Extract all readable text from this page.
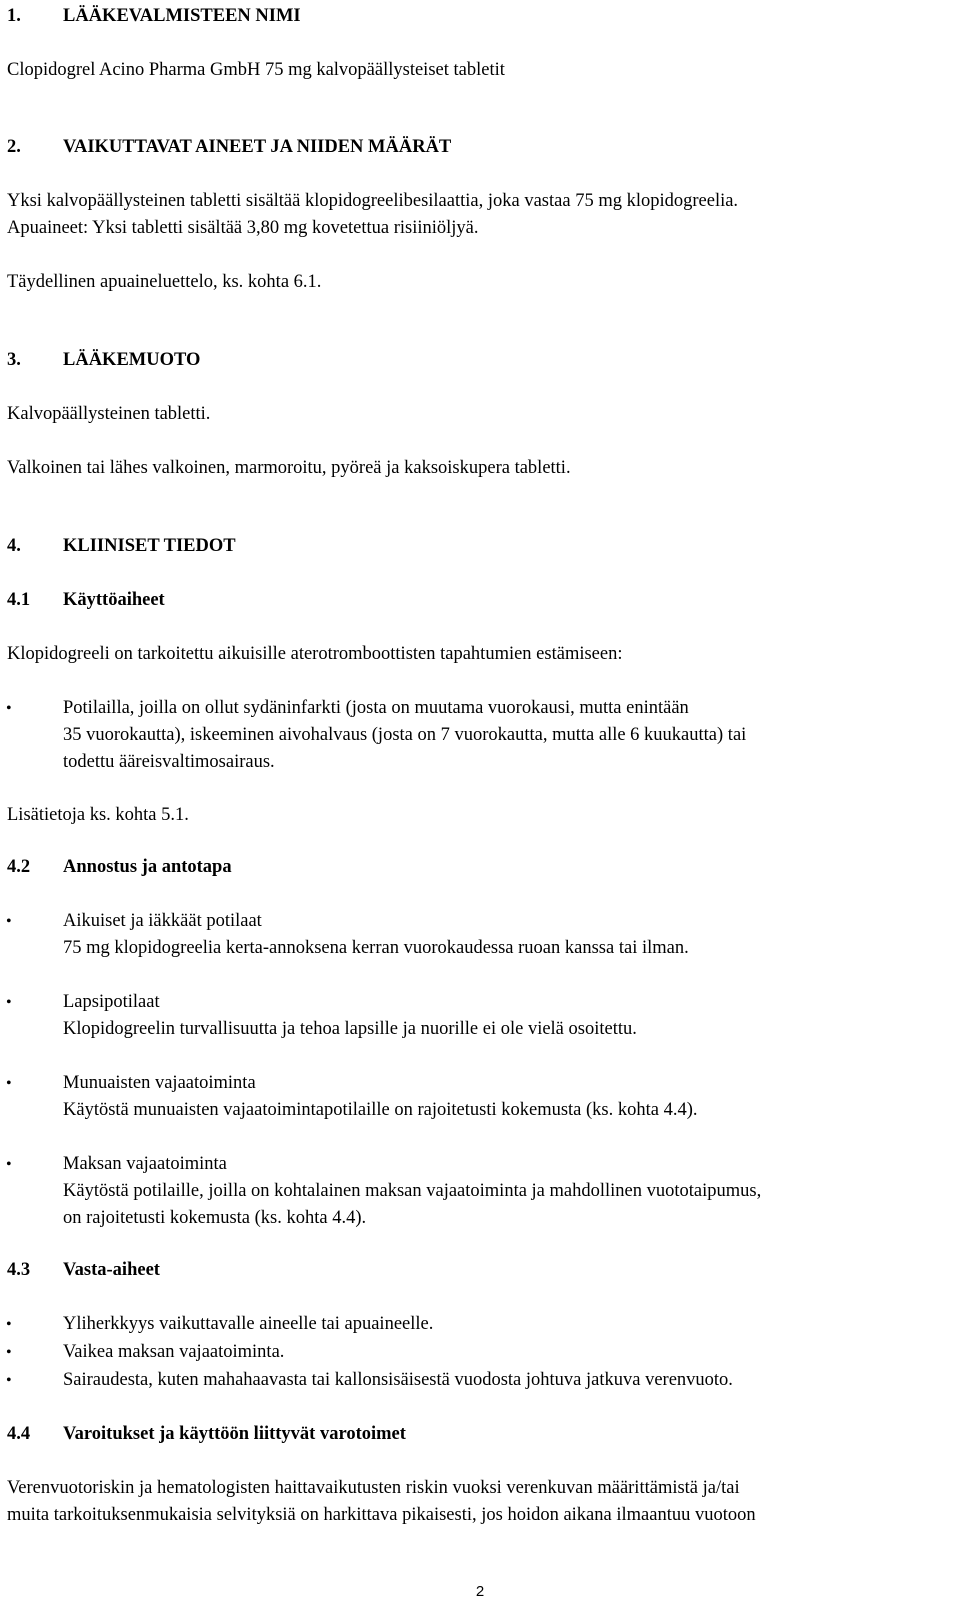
1. LÄÄKEVALMISTEEN NIMI
Clopidogrel Acino Pharma GmbH 75 mg kalvopäällysteiset tabletit
2. VAIKUTTAVAT AINEET JA NIIDEN MÄÄRÄT
Yksi kalvopäällysteinen tabletti sisältää klopidogreelibesilaattia, joka vastaa 75 mg klopidogreelia.
Apuaineet: Yksi tabletti sisältää 3,80 mg kovetettua risiiniöljyä.
Täydellinen apuaineluettelo, ks. kohta 6.1.
3. LÄÄKEMUOTO
Kalvopäällysteinen tabletti.
Valkoinen tai lähes valkoinen, marmoroitu, pyöreä ja kaksoiskupera tabletti.
4. KLIINISET TIEDOT
4.1 Käyttöaiheet
Klopidogreeli on tarkoitettu aikuisille aterotromboottisten tapahtumien estämiseen:
•	Potilailla, joilla on ollut sydäninfarkti (josta on muutama vuorokausi, mutta enintään
35 vuorokautta), iskeeminen aivohalvaus (josta on 7 vuorokautta, mutta alle 6 kuukautta) tai
todettu ääreisvaltimosairaus.
Lisätietoja ks. kohta 5.1.
4.2 Annostus ja antotapa
•	Aikuiset ja iäkkäät potilaat
75 mg klopidogreelia kerta-annoksena kerran vuorokaudessa ruoan kanssa tai ilman.
•	Lapsipotilaat
Klopidogreelin turvallisuutta ja tehoa lapsille ja nuorille ei ole vielä osoitettu.
•	Munuaisten vajaatoiminta
Käytöstä munuaisten vajaatoimintapotilaille on rajoitetusti kokemusta (ks. kohta 4.4).
•	Maksan vajaatoiminta
Käytöstä potilaille, joilla on kohtalainen maksan vajaatoiminta ja mahdollinen vuototaipumus,
on rajoitetusti kokemusta (ks. kohta 4.4).
4.3 Vasta-aiheet
•	Yliherkkyys vaikuttavalle aineelle tai apuaineelle.
•	Vaikea maksan vajaatoiminta.
•	Sairaudesta, kuten mahahaavasta tai kallonsisäisestä vuodosta johtuva jatkuva verenvuoto.
4.4 Varoitukset ja käyttöön liittyvät varotoimet
Verenvuotoriskin ja hematologisten haittavaikutusten riskin vuoksi verenkuvan määrittämistä ja/tai
muita tarkoituksenmukaisia selvityksiä on harkittava pikaisesti, jos hoidon aikana ilmaantuu vuotoon
2
